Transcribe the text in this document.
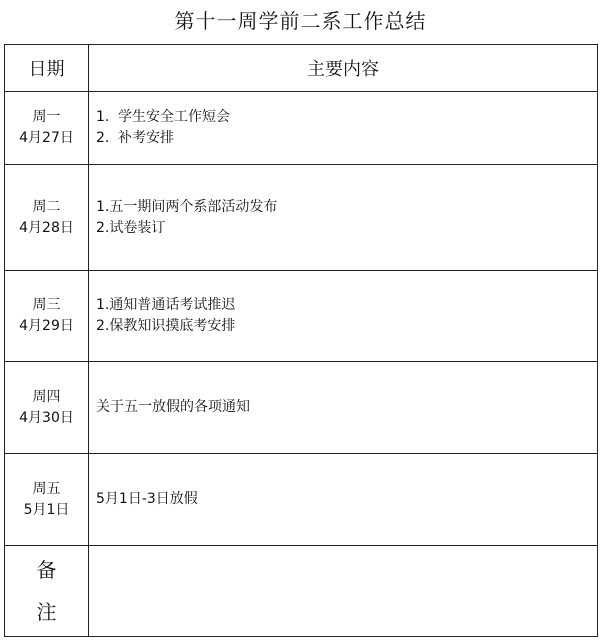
第十一周学前二系工作总结
日期	主要内容

周一
4月27日	1. 学生安全工作短会
2. 补考安排

周二
4月28日	1.五一期间两个系部活动发布
2.试卷装订

周三
4月29日	1.通知普通话考试推迟
2.保教知识摸底考安排

周四
4月30日	关于五一放假的各项通知

周五
5月1日	5月1日-3日放假

备
注	
